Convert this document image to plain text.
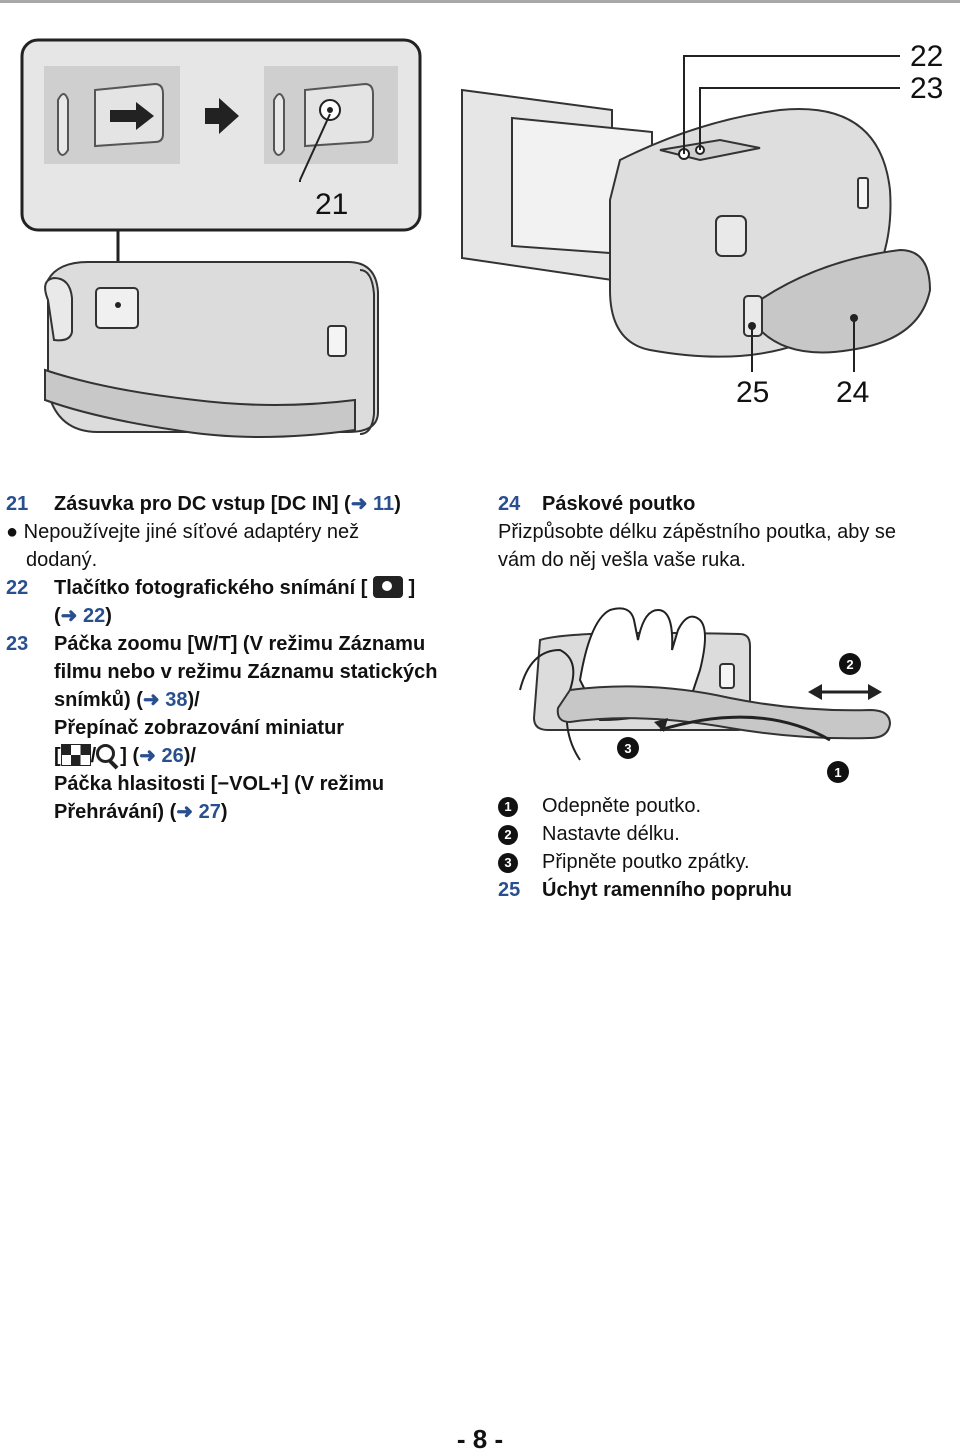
21
22
23
25 24

21	Zásuvka pro DC vstup [DC IN] (➜ 11)

● Nepoužívejte jiné síťové adaptéry než

dodaný.

22	Tlačítko fotografického snímání [ ]

(➜ 22)

23	Páčka zoomu [W/T] (V režimu Záznamu

filmu nebo v režimu Záznamu statických

snímků) (➜ 38)/

Přepínač zobrazování miniatur

[ / ] (➜ 26)/

Páčka hlasitosti [−VOL+] (V režimu

Přehrávání) (➜ 27)

24	Páskové poutko

Přizpůsobte délku zápěstního poutka, aby se

vám do něj vešla vaše ruka.

2
3
1

1	Odepněte poutko.

2	Nastavte délku.

3	Připněte poutko zpátky.

25	Úchyt ramenního popruhu

- 8 -
